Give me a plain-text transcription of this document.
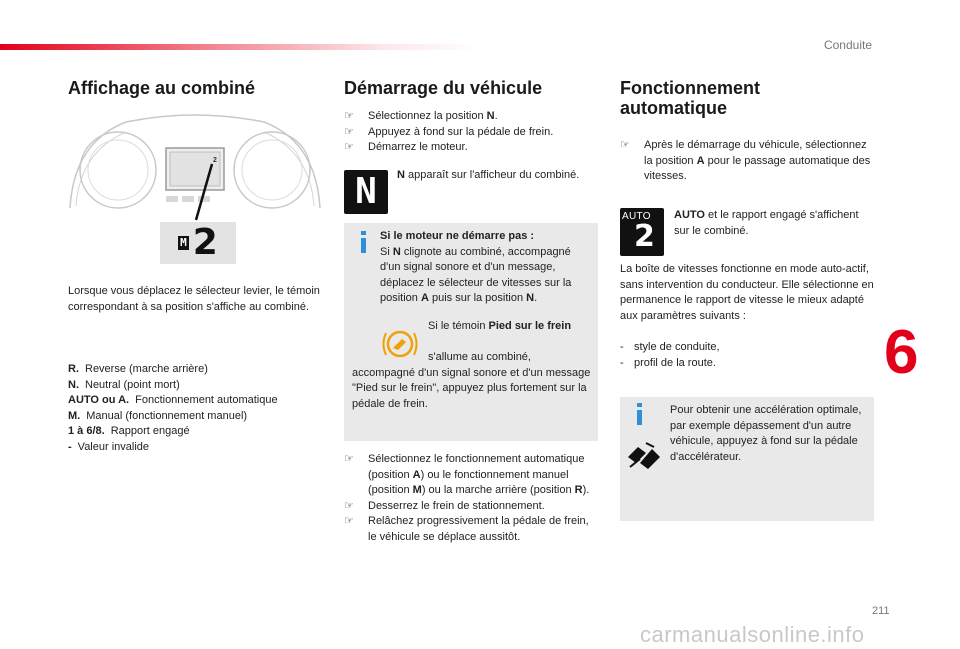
Conduite
6
Affichage au combiné
2
M 2
Lorsque vous déplacez le sélecteur levier, le témoin correspondant à sa position s'affiche au combiné.
R. Reverse (marche arrière)
N. Neutral (point mort)
AUTO ou A. Fonctionnement automatique
M. Manual (fonctionnement manuel)
1 à 6/8. Rapport engagé
- Valeur invalide
Démarrage du véhicule
☞ Sélectionnez la position N.
☞ Appuyez à fond sur la pédale de frein.
☞ Démarrez le moteur.
N N apparaît sur l'afficheur du combiné.
Si le moteur ne démarre pas :
Si N clignote au combiné, accompagné d'un signal sonore et d'un message, déplacez le sélecteur de vitesses sur la position A puis sur la position N.
Si le témoin Pied sur le frein
s'allume au combiné, accompagné d'un signal sonore et d'un message "Pied sur le frein", appuyez plus fortement sur la pédale de frein.
☞ Sélectionnez le fonctionnement automatique (position A) ou le fonctionnement manuel (position M) ou la marche arrière (position R).
☞ Desserrez le frein de stationnement.
☞ Relâchez progressivement la pédale de frein, le véhicule se déplace aussitôt.
Fonctionnement
automatique
☞ Après le démarrage du véhicule, sélectionnez la position A pour le passage automatique des vitesses.
AUTO
2
AUTO et le rapport engagé s'affichent sur le combiné.
La boîte de vitesses fonctionne en mode auto-actif, sans intervention du conducteur. Elle sélectionne en permanence le rapport de vitesse le mieux adapté aux paramètres suivants :
- style de conduite,
- profil de la route.
Pour obtenir une accélération optimale, par exemple dépassement d'un autre véhicule, appuyez à fond sur la pédale d'accélérateur.
211
carmanualsonline.info
